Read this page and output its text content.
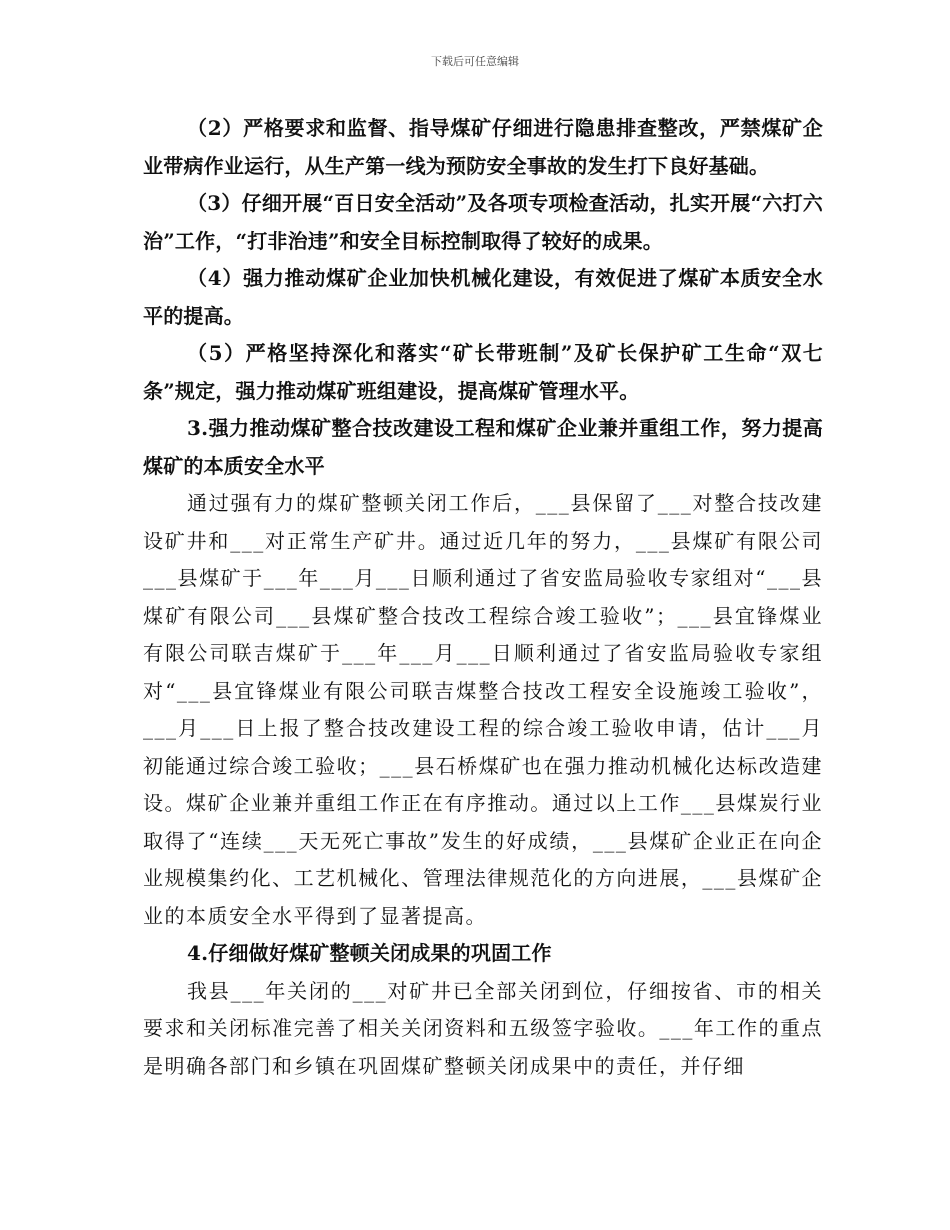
下载后可任意编辑

（2）严格要求和监督、指导煤矿仔细进行隐患排查整改，严禁煤矿企业带病作业运行，从生产第一线为预防安全事故的发生打下良好基础。

（3）仔细开展“百日安全活动”及各项专项检查活动，扎实开展“六打六治”工作，“打非治违”和安全目标控制取得了较好的成果。

（4）强力推动煤矿企业加快机械化建设，有效促进了煤矿本质安全水平的提高。

（5）严格坚持深化和落实“矿长带班制”及矿长保护矿工生命“双七条”规定，强力推动煤矿班组建设，提高煤矿管理水平。

3.强力推动煤矿整合技改建设工程和煤矿企业兼并重组工作，努力提高煤矿的本质安全水平

通过强有力的煤矿整顿关闭工作后，___县保留了___对整合技改建设矿井和___对正常生产矿井。通过近几年的努力，___县煤矿有限公司___县煤矿于___年___月___日顺利通过了省安监局验收专家组对“___县煤矿有限公司___县煤矿整合技改工程综合竣工验收”；___县宜锋煤业有限公司联吉煤矿于___年___月___日顺利通过了省安监局验收专家组对“___县宜锋煤业有限公司联吉煤整合技改工程安全设施竣工验收”，___月___日上报了整合技改建设工程的综合竣工验收申请，估计___月初能通过综合竣工验收；___县石桥煤矿也在强力推动机械化达标改造建设。煤矿企业兼并重组工作正在有序推动。通过以上工作___县煤炭行业取得了“连续___天无死亡事故”发生的好成绩，___县煤矿企业正在向企业规模集约化、工艺机械化、管理法律规范化的方向进展，___县煤矿企业的本质安全水平得到了显著提高。

4.仔细做好煤矿整顿关闭成果的巩固工作

我县___年关闭的___对矿井已全部关闭到位，仔细按省、市的相关要求和关闭标准完善了相关关闭资料和五级签字验收。___年工作的重点是明确各部门和乡镇在巩固煤矿整顿关闭成果中的责任，并仔细
